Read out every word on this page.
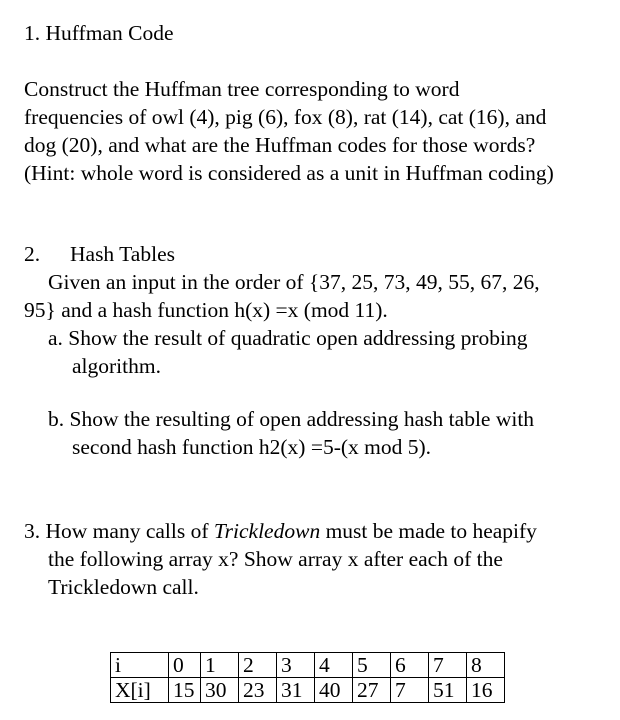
1. Huffman Code
Construct the Huffman tree corresponding to word
frequencies of owl (4), pig (6), fox (8), rat (14), cat (16), and
dog (20), and what are the Huffman codes for those words?
(Hint: whole word is considered as a unit in Huffman coding)
2. Hash Tables
Given an input in the order of {37, 25, 73, 49, 55, 67, 26,
95} and a hash function h(x) =x (mod 11).
a. Show the result of quadratic open addressing probing
algorithm.
b. Show the resulting of open addressing hash table with
second hash function h2(x) =5-(x mod 5).
3. How many calls of Trickledown must be made to heapify
the following array x? Show array x after each of the
Trickledown call.
i	0	1	2	3	4	5	6	7	8
X[i]	15	30	23	31	40	27	7	51	16
